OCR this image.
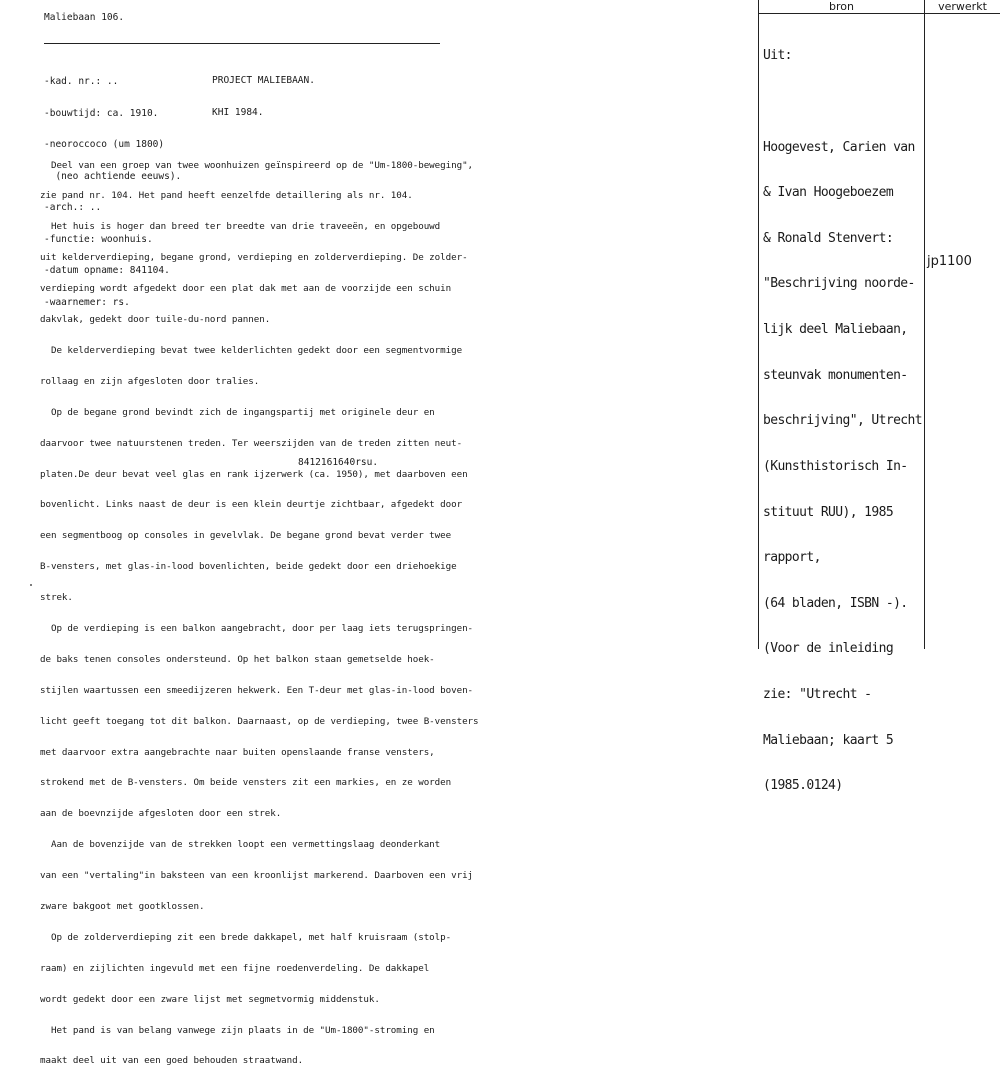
Maliebaan 106.

-kad. nr.: ..

-bouwtijd: ca. 1910.

-neoroccoco (um 1800)

(neo achtiende eeuws).

-arch.: ..

-functie: woonhuis.

-datum opname: 841104.

-waarnemer: rs.

PROJECT MALIEBAAN.

KHI 1984.

Deel van een groep van twee woonhuizen geïnspireerd op de "Um-1800-beweging",

zie pand nr. 104. Het pand heeft eenzelfde detaillering als nr. 104.

Het huis is hoger dan breed ter breedte van drie traveeën, en opgebouwd

uit kelderverdieping, begane grond, verdieping en zolderverdieping. De zolder-

verdieping wordt afgedekt door een plat dak met aan de voorzijde een schuin

dakvlak, gedekt door tuile-du-nord pannen.

De kelderverdieping bevat twee kelderlichten gedekt door een segmentvormige

rollaag en zijn afgesloten door tralies.

Op de begane grond bevindt zich de ingangspartij met originele deur en

daarvoor twee natuurstenen treden. Ter weerszijden van de treden zitten neut-

platen.De deur bevat veel glas en rank ijzerwerk (ca. 1950), met daarboven een

bovenlicht. Links naast de deur is een klein deurtje zichtbaar, afgedekt door

een segmentboog op consoles in gevelvlak. De begane grond bevat verder twee

B-vensters, met glas-in-lood bovenlichten, beide gedekt door een driehoekige

strek.

Op de verdieping is een balkon aangebracht, door per laag iets terugspringen-

de baks tenen consoles ondersteund. Op het balkon staan gemetselde hoek-

stijlen waartussen een smeedijzeren hekwerk. Een T-deur met glas-in-lood boven-

licht geeft toegang tot dit balkon. Daarnaast, op de verdieping, twee B-vensters

met daarvoor extra aangebrachte naar buiten openslaande franse vensters,

strokend met de B-vensters. Om beide vensters zit een markies, en ze worden

aan de boevnzijde afgesloten door een strek.

Aan de bovenzijde van de strekken loopt een vermettingslaag deonderkant

van een "vertaling"in baksteen van een kroonlijst markerend. Daarboven een vrij

zware bakgoot met gootklossen.

Op de zolderverdieping zit een brede dakkapel, met half kruisraam (stolp-

raam) en zijlichten ingevuld met een fijne roedenverdeling. De dakkapel

wordt gedekt door een zware lijst met segmetvormig middenstuk.

Het pand is van belang vanwege zijn plaats in de "Um-1800"-stroming en

maakt deel uit van een goed behouden straatwand.

8412161640rsu.
bron	verwerkt

Uit:

Hoogevest, Carien van

& Ivan Hoogeboezem

& Ronald Stenvert:

"Beschrijving noorde-

lijk deel Maliebaan,

steunvak monumenten-

beschrijving", Utrecht

(Kunsthistorisch In-

stituut RUU), 1985

rapport,

(64 bladen, ISBN -).

(Voor de inleiding

zie: "Utrecht -

Maliebaan; kaart 5

(1985.0124)

jp1100
